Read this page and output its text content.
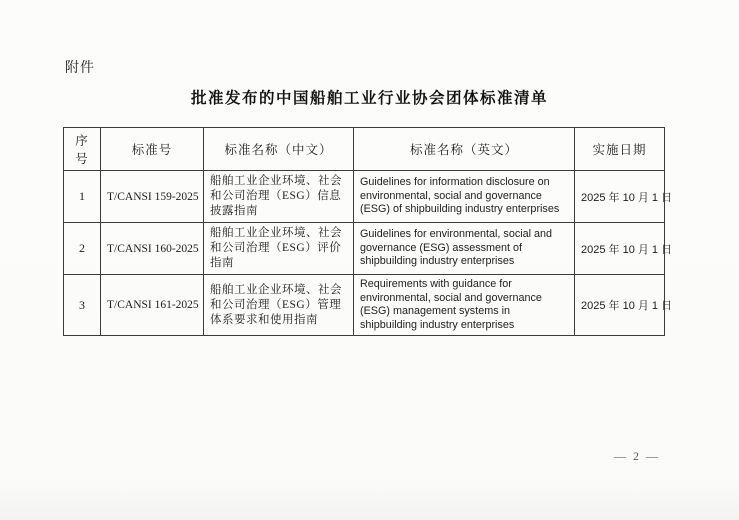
附件
批准发布的中国船舶工业行业协会团体标准清单
序号	标准号	标准名称（中文）	标准名称（英文）	实施日期
1	T/CANSI 159-2025	船舶工业企业环境、社会和公司治理（ESG）信息披露指南	Guidelines for information disclosure on environmental, social and governance (ESG) of shipbuilding industry enterprises	2025 年 10 月 1 日
2	T/CANSI 160-2025	船舶工业企业环境、社会和公司治理（ESG）评价指南	Guidelines for environmental, social and governance (ESG) assessment of shipbuilding industry enterprises	2025 年 10 月 1 日
3	T/CANSI 161-2025	船舶工业企业环境、社会和公司治理（ESG）管理体系要求和使用指南	Requirements with guidance for environmental, social and governance (ESG) management systems in shipbuilding industry enterprises	2025 年 10 月 1 日
— 2 —
